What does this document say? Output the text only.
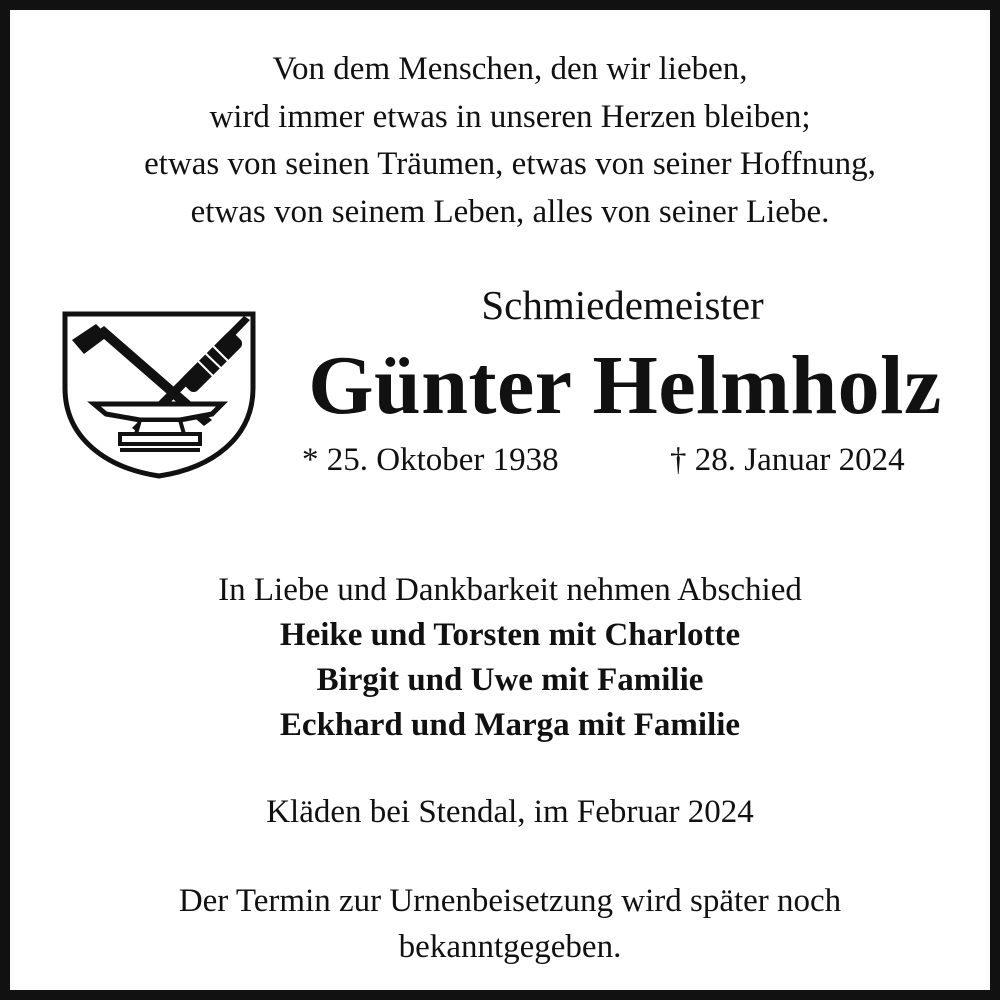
Von dem Menschen, den wir lieben,
wird immer etwas in unseren Herzen bleiben;
etwas von seinen Träumen, etwas von seiner Hoffnung,
etwas von seinem Leben, alles von seiner Liebe.
Schmiedemeister
Günter Helmholz
* 25. Oktober 1938	† 28. Januar 2024
In Liebe und Dankbarkeit nehmen Abschied
Heike und Torsten mit Charlotte
Birgit und Uwe mit Familie
Eckhard und Marga mit Familie
Kläden bei Stendal, im Februar 2024
Der Termin zur Urnenbeisetzung wird später noch
bekanntgegeben.
